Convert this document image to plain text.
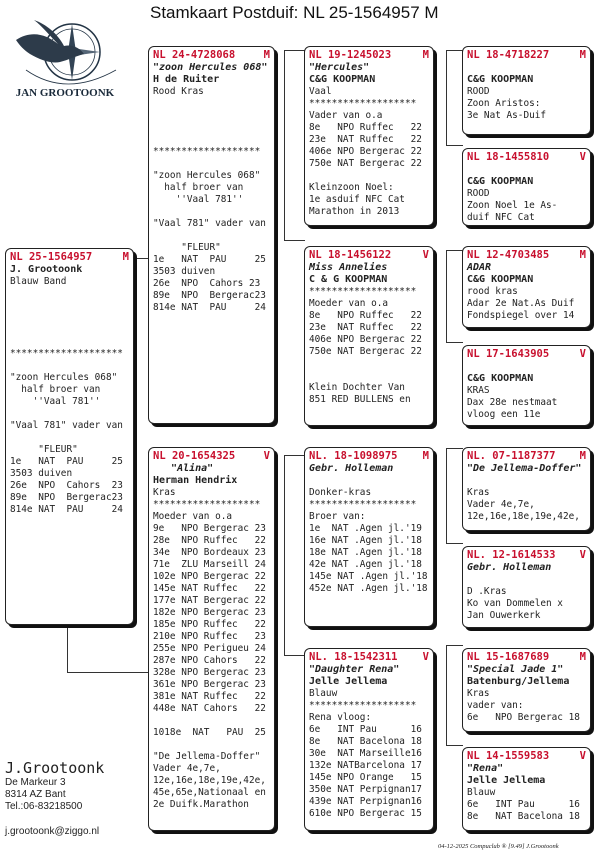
Stamkaart Postduif: NL 25-1564957 M
JAN GROOTOONK
NL 25-1564957	M
J. Grootoonk
Blauw Band

********************

"zoon Hercules 068"
half broer van
''Vaal 781''

"Vaal 781" vader van

"FLEUR"
1e   NAT  PAU     25
3503 duiven
26e  NPO  Cahors  23
89e  NPO  Bergerac23
814e NAT  PAU     24
NL 24-4728068	M
"zoon Hercules 068"
H de Ruiter
Rood Kras

*******************

"zoon Hercules 068"
half broer van
''Vaal 781''

"Vaal 781" vader van

"FLEUR"
1e   NAT  PAU     25
3503 duiven
26e  NPO  Cahors 23
89e  NPO  Bergerac23
814e NAT  PAU     24
NL 20-1654325	V
"Alina"
Herman Hendrix
Kras
*******************
Moeder van o.a
9e   NPO Bergerac 23
28e  NPO Ruffec   22
34e  NPO Bordeaux 23
71e  ZLU Marseill 24
102e NPO Bergerac 22
145e NAT Ruffec   22
177e NAT Bergerac 22
182e NPO Bergerac 23
185e NPO Ruffec   22
210e NPO Ruffec   23
255e NPO Perigueu 24
287e NPO Cahors   22
328e NPO Bergerac 23
361e NPO Bergerac 23
381e NAT Ruffec   22
448e NAT Cahors   22

1018e  NAT   PAU  25

"De Jellema-Doffer"
Vader 4e,7e,
12e,16e,18e,19e,42e,
45e,65e,Nationaal en
2e Duifk.Marathon
NL 19-1245023	M
"Hercules"
C&G KOOPMAN
Vaal
*******************
Vader van o.a
8e   NPO Ruffec   22
23e  NAT Ruffec   22
406e NPO Bergerac 22
750e NAT Bergerac 22

Kleinzoon Noel:
1e asduif NFC Cat
Marathon in 2013
NL 18-1456122	V
Miss Annelies
C & G KOOPMAN
*******************
Moeder van o.a
8e   NPO Ruffec   22
23e  NAT Ruffec   22
406e NPO Bergerac 22
750e NAT Bergerac 22

Klein Dochter Van
851 RED BULLENS en
NL. 18-1098975 M
Gebr. Holleman

Donker-kras
*******************
Broer van:
1e  NAT .Agen jl.'19
16e NAT .Agen jl.'18
18e NAT .Agen jl.'18
42e NAT .Agen jl.'18
145e NAT .Agen jl.'18
452e NAT .Agen jl.'18
NL. 18-1542311 V
"Daughter Rena"
Jelle Jellema
Blauw
*******************
Rena vloog:
6e   INT Pau      16
8e   NAT Bacelona 18
30e  NAT Marseille16
132e NATBarcelona 17
145e NPO Orange   15
350e NAT Perpignan17
439e NAT Perpignan16
610e NPO Bergerac 15
NL 18-4718227	M

C&G KOOPMAN
ROOD
Zoon Aristos:
3e Nat As-Duif
NL 18-1455810	V

C&G KOOPMAN
ROOD
Zoon Noel 1e As-
duif NFC Cat
NL 12-4703485	M
ADAR
C&G KOOPMAN
rood kras
Adar 2e Nat.As Duif
Fondspiegel over 14
NL 17-1643905	V

C&G KOOPMAN
KRAS
Dax 28e nestmaat
vloog een 11e
NL. 07-1187377 M
"De Jellema-Doffer"

Kras
Vader 4e,7e,
12e,16e,18e,19e,42e,
NL. 12-1614533 V
Gebr. Holleman

D .Kras
Ko van Dommelen x
Jan Ouwerkerk
NL 15-1687689	M
"Special Jade 1"
Batenburg/Jellema
Kras
vader van:
6e   NPO Bergerac 18
NL 14-1559583	V
"Rena"
Jelle Jellema
Blauw
6e   INT Pau      16
8e   NAT Bacelona 18
J.Grootoonk
De Markeur 3
8314 AZ Bant
Tel.:06-83218500
j.grootoonk@ziggo.nl
04-12-2025 Compuclub ® [9.49] J.Grootoonk
